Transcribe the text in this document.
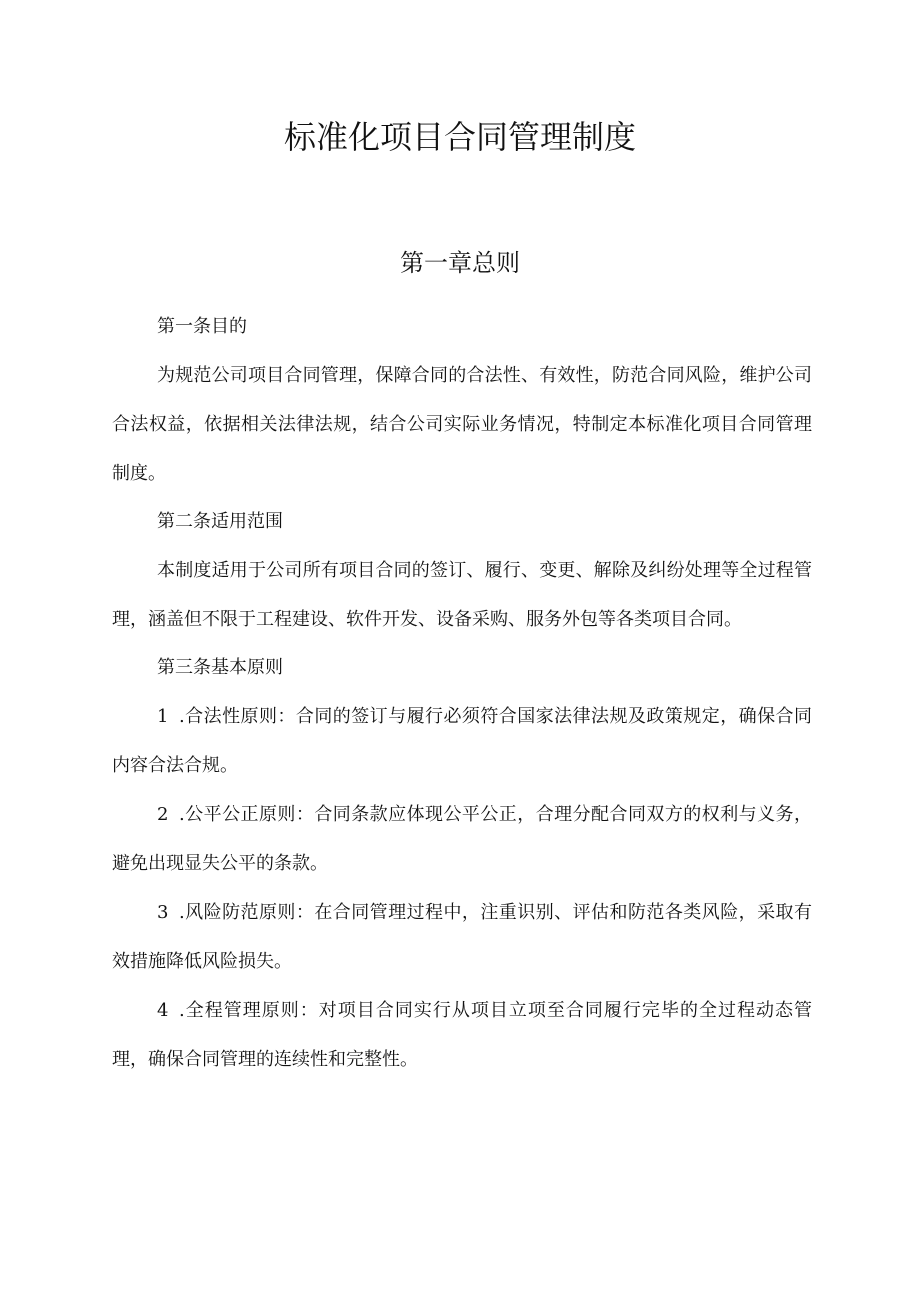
标准化项目合同管理制度
第一章总则
第一条目的

为规范公司项目合同管理，保障合同的合法性、有效性，防范合同风险，维护公司合法权益，依据相关法律法规，结合公司实际业务情况，特制定本标准化项目合同管理制度。

第二条适用范围

本制度适用于公司所有项目合同的签订、履行、变更、解除及纠纷处理等全过程管理，涵盖但不限于工程建设、软件开发、设备采购、服务外包等各类项目合同。

第三条基本原则

1 .合法性原则：合同的签订与履行必须符合国家法律法规及政策规定，确保合同内容合法合规。

2 .公平公正原则：合同条款应体现公平公正，合理分配合同双方的权利与义务，避免出现显失公平的条款。

3 .风险防范原则：在合同管理过程中，注重识别、评估和防范各类风险，采取有效措施降低风险损失。

4 .全程管理原则：对项目合同实行从项目立项至合同履行完毕的全过程动态管理，确保合同管理的连续性和完整性。
